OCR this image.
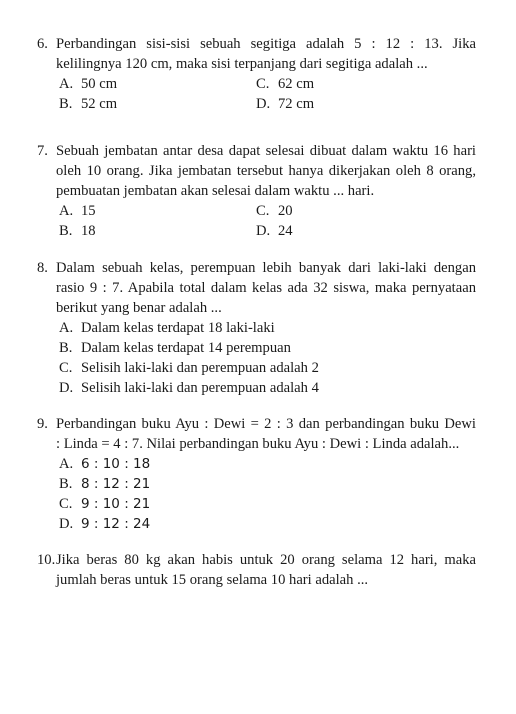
6. Perbandingan sisi-sisi sebuah segitiga adalah 5 : 12 : 13. Jika
kelilingnya 120 cm, maka sisi terpanjang dari segitiga adalah ...
A. 50 cm	C. 62 cm
B. 52 cm	D. 72 cm
7. Sebuah jembatan antar desa dapat selesai dibuat dalam waktu 16 hari
oleh 10 orang. Jika jembatan tersebut hanya dikerjakan oleh 8 orang,
pembuatan jembatan akan selesai dalam waktu ... hari.
A. 15	C. 20
B. 18	D. 24
8. Dalam sebuah kelas, perempuan lebih banyak dari laki-laki dengan
rasio 9 : 7. Apabila total dalam kelas ada 32 siswa, maka pernyataan
berikut yang benar adalah ...
A. Dalam kelas terdapat 18 laki-laki
B. Dalam kelas terdapat 14 perempuan
C. Selisih laki-laki dan perempuan adalah 2
D. Selisih laki-laki dan perempuan adalah 4
9. Perbandingan buku Ayu : Dewi = 2 : 3 dan perbandingan buku Dewi
: Linda = 4 : 7. Nilai perbandingan buku Ayu : Dewi : Linda adalah...
A. 6 : 10 : 18
B. 8 : 12 : 21
C. 9 : 10 : 21
D. 9 : 12 : 24
10. Jika beras 80 kg akan habis untuk 20 orang selama 12 hari, maka
jumlah beras untuk 15 orang selama 10 hari adalah ...
